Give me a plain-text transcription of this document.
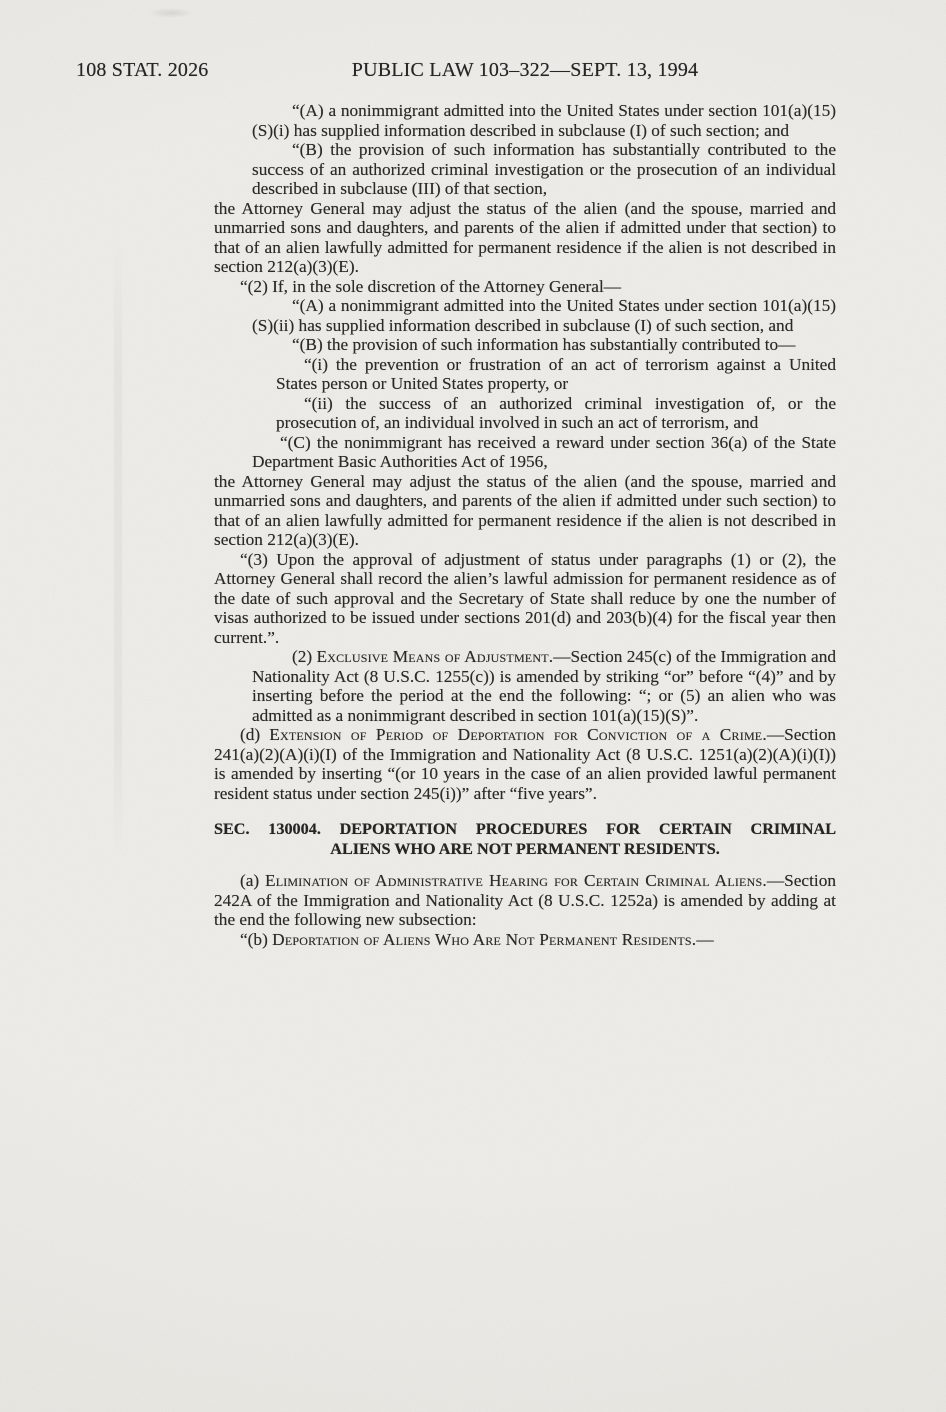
108 STAT. 2026	PUBLIC LAW 103–322—SEPT. 13, 1994

“(A) a nonimmigrant admitted into the United States under section 101(a)(15)(S)(i) has supplied information described in subclause (I) of such section; and

“(B) the provision of such information has substantially contributed to the success of an authorized criminal investigation or the prosecution of an individual described in subclause (III) of that section,

the Attorney General may adjust the status of the alien (and the spouse, married and unmarried sons and daughters, and parents of the alien if admitted under that section) to that of an alien lawfully admitted for permanent residence if the alien is not described in section 212(a)(3)(E).

“(2) If, in the sole discretion of the Attorney General—

“(A) a nonimmigrant admitted into the United States under section 101(a)(15)(S)(ii) has supplied information described in subclause (I) of such section, and

“(B) the provision of such information has substantially contributed to—

“(i) the prevention or frustration of an act of terrorism against a United States person or United States property, or

“(ii) the success of an authorized criminal investigation of, or the prosecution of, an individual involved in such an act of terrorism, and

“(C) the nonimmigrant has received a reward under section 36(a) of the State Department Basic Authorities Act of 1956,

the Attorney General may adjust the status of the alien (and the spouse, married and unmarried sons and daughters, and parents of the alien if admitted under such section) to that of an alien lawfully admitted for permanent residence if the alien is not described in section 212(a)(3)(E).

“(3) Upon the approval of adjustment of status under paragraphs (1) or (2), the Attorney General shall record the alien’s lawful admission for permanent residence as of the date of such approval and the Secretary of State shall reduce by one the number of visas authorized to be issued under sections 201(d) and 203(b)(4) for the fiscal year then current.”.

(2) Exclusive Means of Adjustment.—Section 245(c) of the Immigration and Nationality Act (8 U.S.C. 1255(c)) is amended by striking “or” before “(4)” and by inserting before the period at the end the following: “; or (5) an alien who was admitted as a nonimmigrant described in section 101(a)(15)(S)”.

(d) Extension of Period of Deportation for Conviction of a Crime.—Section 241(a)(2)(A)(i)(I) of the Immigration and Nationality Act (8 U.S.C. 1251(a)(2)(A)(i)(I)) is amended by inserting “(or 10 years in the case of an alien provided lawful permanent resident status under section 245(i))” after “five years”.

SEC. 130004. DEPORTATION PROCEDURES FOR CERTAIN CRIMINAL
ALIENS WHO ARE NOT PERMANENT RESIDENTS.

(a) Elimination of Administrative Hearing for Certain Criminal Aliens.—Section 242A of the Immigration and Nationality Act (8 U.S.C. 1252a) is amended by adding at the end the following new subsection:

“(b) Deportation of Aliens Who Are Not Permanent Residents.—
